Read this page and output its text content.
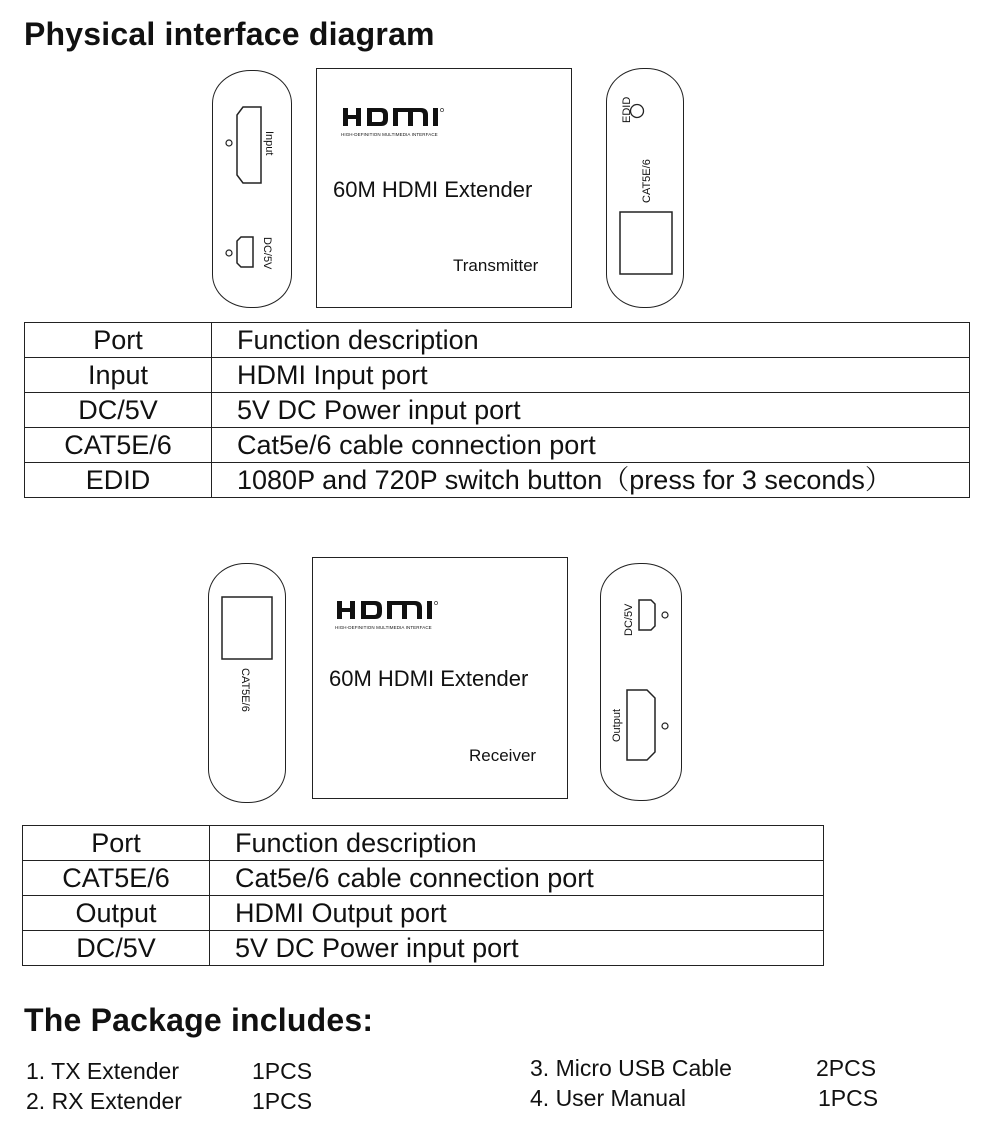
Physical interface diagram
Input
DC/5V
HIGH-DEFINITION MULTIMEDIA INTERFACE
60M HDMI Extender
Transmitter
EDID
CAT5E/6
Port	Function description
Input	HDMI Input port
DC/5V	5V DC Power input port
CAT5E/6	Cat5e/6 cable connection port
EDID	1080P and 720P switch button（press for 3 seconds）
CAT5E/6
HIGH-DEFINITION MULTIMEDIA INTERFACE
60M HDMI Extender
Receiver
DC/5V
Output
Port	Function description
CAT5E/6	Cat5e/6 cable connection port
Output	HDMI Output port
DC/5V	5V DC Power input port
The Package includes:
1. TX Extender	1PCS
2. RX Extender	1PCS
3. Micro USB Cable	2PCS
4. User Manual	1PCS
